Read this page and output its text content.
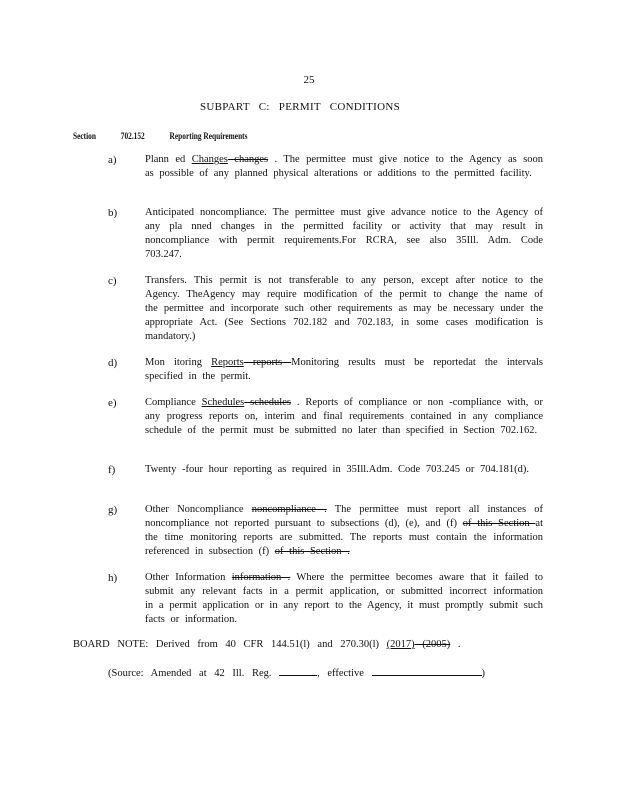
25
SUBPART C: PERMIT CONDITIONS
Section	702.152	Reporting Requirements
a)	Plann ed Changes changes . The permittee must give notice to the Agency as soon as possible of any planned physical alterations or additions to the permitted facility.
b)	Anticipated noncompliance. The permittee must give advance notice to the Agency of any pla nned changes in the permitted facility or activity that may result in noncompliance with permit requirements.For RCRA, see also 35Ill. Adm. Code 703.247.
c)	Transfers. This permit is not transferable to any person, except after notice to the Agency. TheAgency may require modification of the permit to change the name of the permittee and incorporate such other requirements as may be necessary under the appropriate Act. (See Sections 702.182 and 702.183, in some cases modification is mandatory.)
d)	Mon itoring Reports reports Monitoring results must be reportedat the intervals specified in the permit.
e)	Compliance Schedules schedules . Reports of compliance or non -compliance with, or any progress reports on, interim and final requirements contained in any compliance schedule of the permit must be submitted no later than specified in Section 702.162.
f)	Twenty -four hour reporting as required in 35Ill.Adm. Code 703.245 or 704.181(d).
g)	Other Noncompliance noncompliance . The permittee must report all instances of noncompliance not reported pursuant to subsections (d), (e), and (f) of this Section at the time monitoring reports are submitted. The reports must contain the information referenced in subsection (f) of this Section .
h)	Other Information information . Where the permittee becomes aware that it failed to submit any relevant facts in a permit application, or submitted incorrect information in a permit application or in any report to the Agency, it must promptly submit such facts or information.
BOARD NOTE: Derived from 40 CFR 144.51(l) and 270.30(l) (2017) (2005) .
(Source: Amended at 42 Ill. Reg.	, effective	)
